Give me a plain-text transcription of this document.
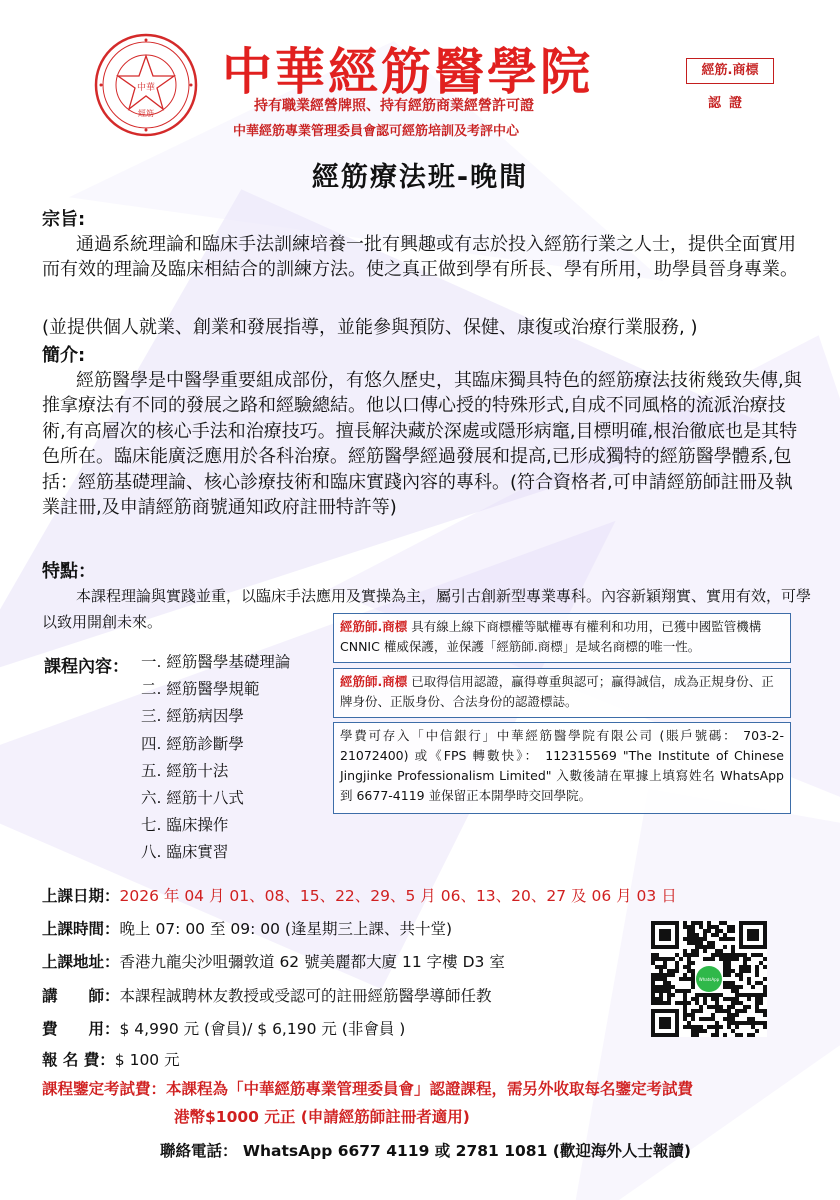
中華
經筋
中華經筋醫學院
持有職業經營牌照、持有經筋商業經營許可證
中華經筋專業管理委員會認可經筋培訓及考評中心
經筋.商標
認證
經筋療法班-晚間
宗旨:
通過系統理論和臨床手法訓練培養一批有興趣或有志於投入經筋行業之人士，提供全面實用而有效的理論及臨床相結合的訓練方法。使之真正做到學有所長、學有所用，助學員晉身專業。
(並提供個人就業、創業和發展指導，並能參與預防、保健、康復或治療行業服務, )
簡介:
經筋醫學是中醫學重要組成部份，有悠久歷史，其臨床獨具特色的經筋療法技術幾致失傳,與推拿療法有不同的發展之路和經驗總結。他以口傳心授的特殊形式,自成不同風格的流派治療技術,有高層次的核心手法和治療技巧。擅長解決藏於深處或隱形病竈,目標明確,根治徹底也是其特色所在。臨床能廣泛應用於各科治療。經筋醫學經過發展和提高,已形成獨特的經筋醫學體系,包括：經筋基礎理論、核心診療技術和臨床實踐內容的專科。(符合資格者,可申請經筋師註冊及執業註冊,及申請經筋商號通知政府註冊特許等)
特點：
本課程理論與實踐並重，以臨床手法應用及實操為主，屬引古創新型專業專科。內容新穎翔實、實用有效，可學以致用開創未來。	經筋師.商標 具有線上線下商標權等賦權專有權利和功用，已獲中國監管機構 CNNIC 權威保護，並保護「經筋師.商標」是域名商標的唯一性。
經筋師.商標 已取得信用認證，贏得尊重與認可；贏得誠信，成為正規身份、正牌身份、正版身份、合法身份的認證標誌。
學費可存入「中信銀行」中華經筋醫學院有限公司 (賬戶號碼： 703-2-21072400) 或《FPS 轉數快》： 112315569 "The Institute of Chinese Jingjinke Professionalism Limited" 入數後請在單據上填寫姓名 WhatsApp 到 6677-4119 並保留正本開學時交回學院。
課程內容： 一. 經筋醫學基礎理論
二. 經筋醫學規範
三. 經筋病因學
四. 經筋診斷學
五. 經筋十法
六. 經筋十八式
七. 臨床操作
八. 臨床實習
上課日期：2026 年 04 月 01、08、15、22、29、5 月 06、13、20、27 及 06 月 03 日
上課時間：晚上 07: 00 至 09: 00 (逢星期三上課、共十堂)
上課地址：香港九龍尖沙咀彌敦道 62 號美麗都大廈 11 字樓 D3 室
講　　師：本課程誠聘林友教授或受認可的註冊經筋醫學導師任教
費　　用：$ 4,990 元 (會員)/ $ 6,190 元 (非會員 )
報 名 費：$ 100 元
課程鑒定考試費：本課程為「中華經筋專業管理委員會」認證課程，需另外收取每名鑒定考試費
港幣$1000 元正 (申請經筋師註冊者適用)
聯絡電話： WhatsApp 6677 4119 或 2781 1081 (歡迎海外人士報讀)
WhatsApp
